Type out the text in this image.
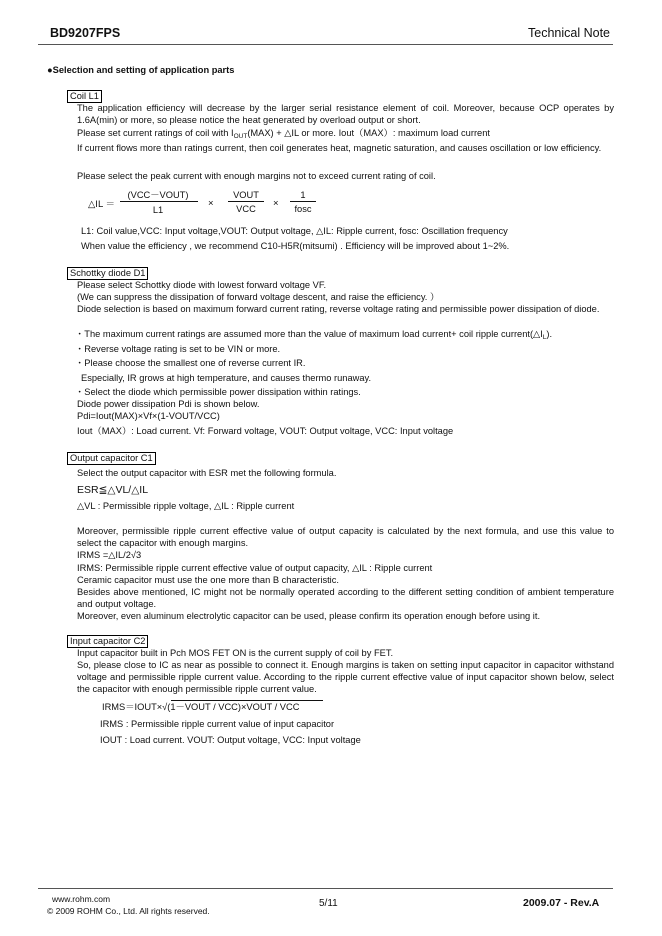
BD9207FPS	Technical Note
●Selection and setting of application parts
Coil L1
The application efficiency will decrease by the larger serial resistance element of coil. Moreover, because OCP operates by 1.6A(min) or more, so please notice the heat generated by overload output or short.
Please set current ratings of coil with $I_{OUT}(MAX)$ + △IL or more. Iout（MAX）: maximum load current
If current flows more than ratings current, then coil generates heat, magnetic saturation, and causes oscillation or low efficiency.
Please select the peak current with enough margins not to exceed current rating of coil.
△IL ＝
(VCC－VOUT)
L1
×
VOUT
VCC	×
1
fosc
L1: Coil value,VCC: Input voltage,VOUT: Output voltage, △IL: Ripple current, fosc: Oscillation frequency
When value the efficiency , we recommend C10-H5R(mitsumi) . Efficiency will be improved about 1~2%.
Schottky diode D1
Please select Schottky diode with lowest forward voltage VF.
(We can suppress the dissipation of forward voltage descent, and raise the efficiency. ）
Diode selection is based on maximum forward current rating, reverse voltage rating and permissible power dissipation of diode.
・The maximum current ratings are assumed more than the value of maximum load current+ coil ripple $current(\triangle I_L)$.
・Reverse voltage rating is set to be VIN or more.
・Please choose the smallest one of reverse current IR.
Especially, IR grows at high temperature, and causes thermo runaway.
・Select the diode which permissible power dissipation within ratings.
Diode power dissipation Pdi is shown below.
Pdi=Iout(MAX)×Vf×(1-VOUT/VCC)
Iout（MAX）: Load current. Vf: Forward voltage, VOUT: Output voltage, VCC: Input voltage
Output capacitor C1
Select the output capacitor with ESR met the following formula.
ESR≦△VL/△IL
△VL : Permissible ripple voltage, △IL : Ripple current
Moreover, permissible ripple current effective value of output capacity is calculated by the next formula, and use this value to select the capacitor with enough margins.
IRMS =△IL/2√3
IRMS: Permissible ripple current effective value of output capacity, △IL : Ripple current
Ceramic capacitor must use the one more than B characteristic.
Besides above mentioned, IC might not be normally operated according to the different setting condition of ambient temperature and output voltage.
Moreover, even aluminum electrolytic capacitor can be used, please confirm its operation enough before using it.
Input capacitor C2
Input capacitor built in Pch MOS FET ON is the current supply of coil by FET.
So, please close to IC as near as possible to connect it. Enough margins is taken on setting input capacitor in capacitor withstand voltage and permissible ripple current value. According to the ripple current effective value of input capacitor shown below, select the capacitor with enough permissible ripple current value.
IRMS＝IOUT×√(1－VOUT / VCC)×VOUT / VCC
IRMS : Permissible ripple current value of input capacitor
IOUT : Load current. VOUT: Output voltage, VCC: Input voltage
www.rohm.com
© 2009 ROHM Co., Ltd. All rights reserved.
5/11	2009.07 - Rev.A
